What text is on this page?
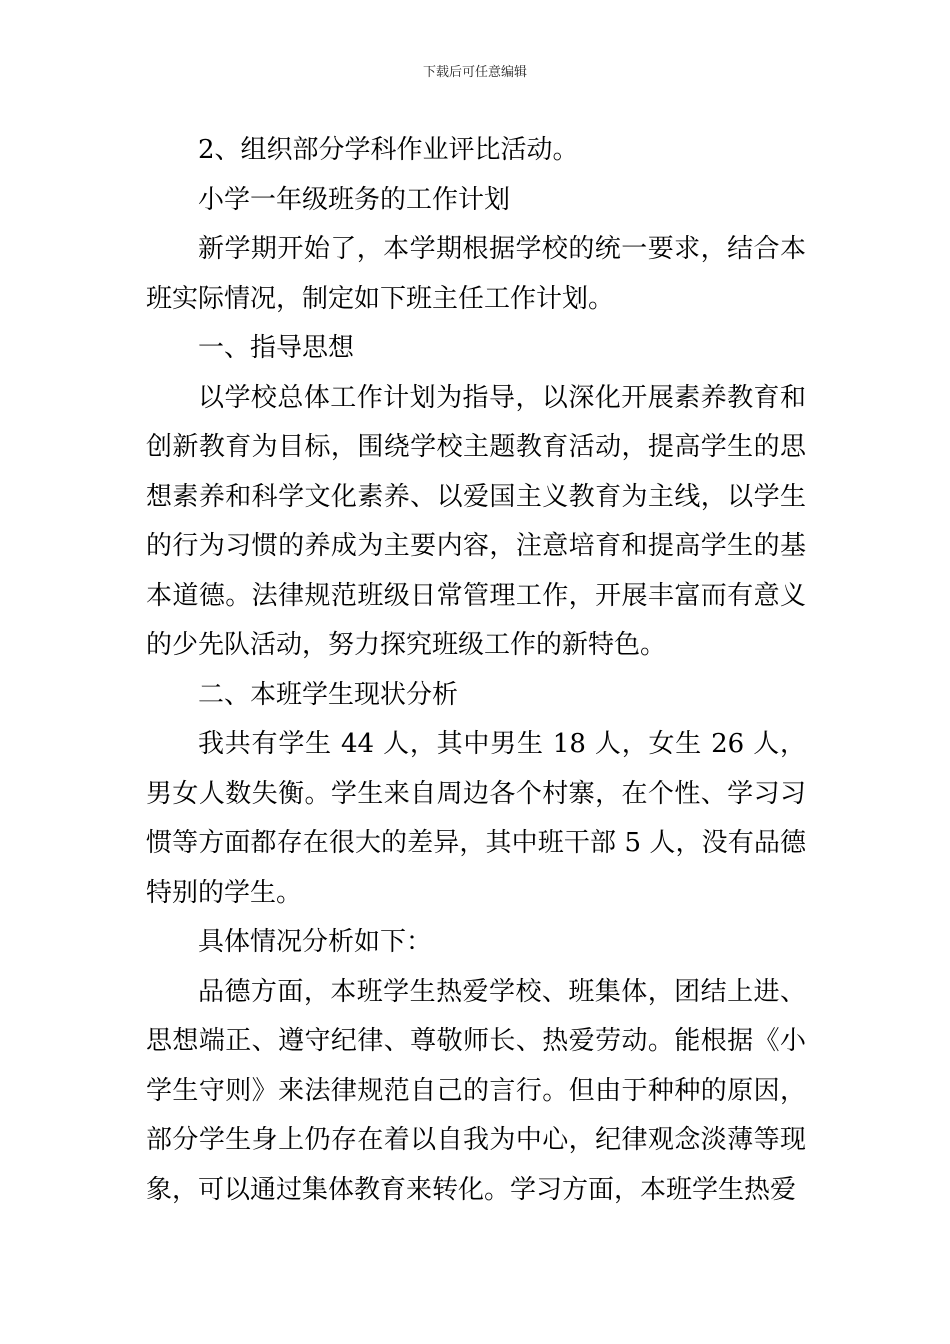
下载后可任意编辑

2、组织部分学科作业评比活动。

小学一年级班务的工作计划

新学期开始了，本学期根据学校的统一要求，结合本班实际情况，制定如下班主任工作计划。

一、指导思想

以学校总体工作计划为指导，以深化开展素养教育和创新教育为目标，围绕学校主题教育活动，提高学生的思想素养和科学文化素养、以爱国主义教育为主线，以学生的行为习惯的养成为主要内容，注意培育和提高学生的基本道德。法律规范班级日常管理工作，开展丰富而有意义的少先队活动，努力探究班级工作的新特色。

二、本班学生现状分析

我共有学生 44 人，其中男生 18 人，女生 26 人，男女人数失衡。学生来自周边各个村寨，在个性、学习习惯等方面都存在很大的差异，其中班干部 5 人，没有品德特别的学生。

具体情况分析如下：

品德方面，本班学生热爱学校、班集体，团结上进、思想端正、遵守纪律、尊敬师长、热爱劳动。能根据《小学生守则》来法律规范自己的言行。但由于种种的原因，部分学生身上仍存在着以自我为中心，纪律观念淡薄等现象，可以通过集体教育来转化。学习方面，本班学生热爱
